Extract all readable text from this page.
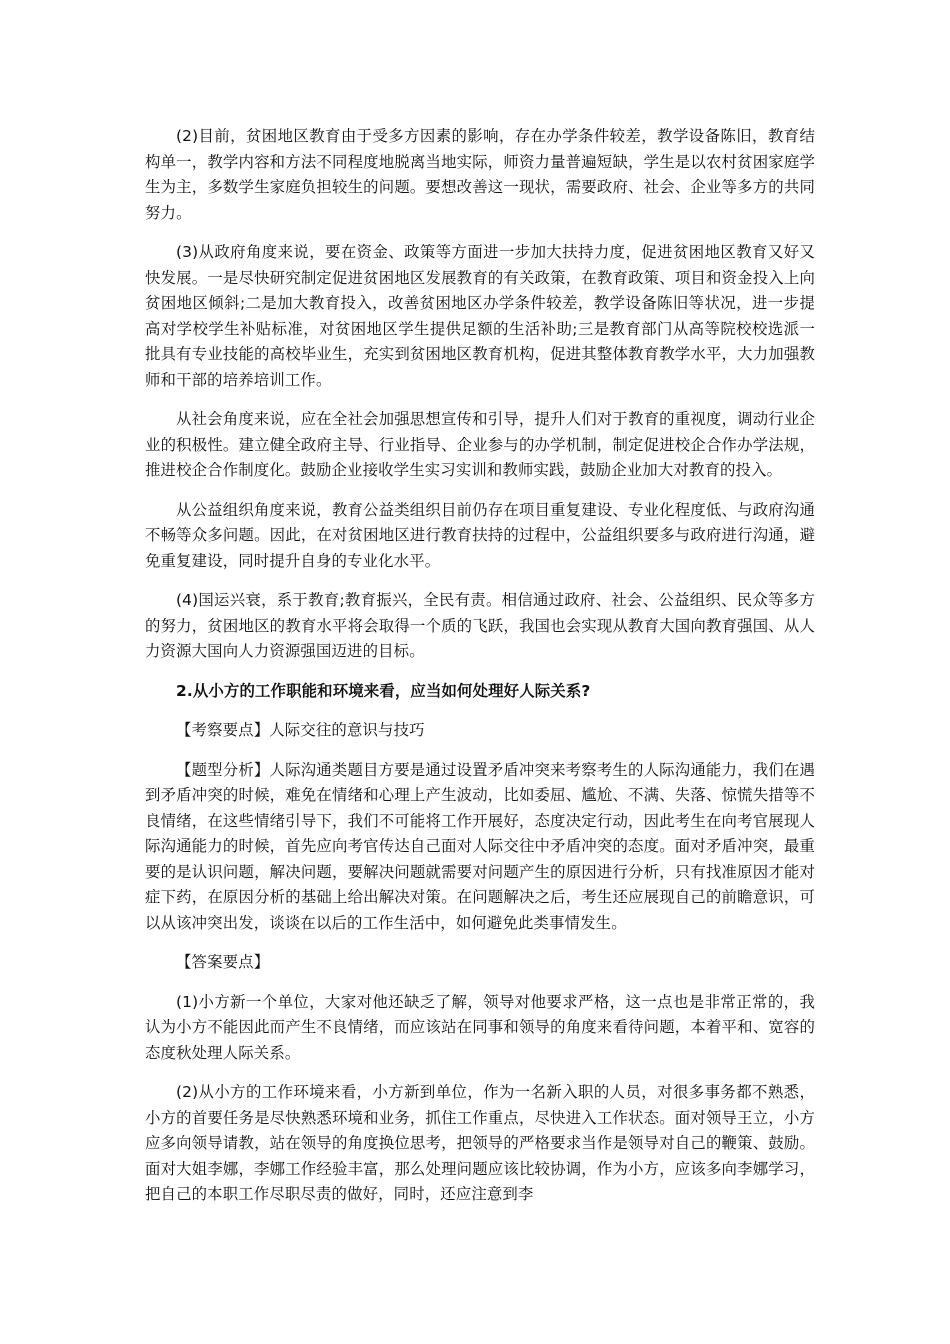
(2)目前，贫困地区教育由于受多方因素的影响，存在办学条件较差，教学设备陈旧，教育结构单一，教学内容和方法不同程度地脱离当地实际，师资力量普遍短缺，学生是以农村贫困家庭学生为主，多数学生家庭负担较生的问题。要想改善这一现状，需要政府、社会、企业等多方的共同努力。

(3)从政府角度来说，要在资金、政策等方面进一步加大扶持力度，促进贫困地区教育又好又快发展。一是尽快研究制定促进贫困地区发展教育的有关政策，在教育政策、项目和资金投入上向贫困地区倾斜;二是加大教育投入，改善贫困地区办学条件较差，教学设备陈旧等状况，进一步提高对学校学生补贴标准，对贫困地区学生提供足额的生活补助;三是教育部门从高等院校校选派一批具有专业技能的高校毕业生，充实到贫困地区教育机构，促进其整体教育教学水平，大力加强教师和干部的培养培训工作。

从社会角度来说，应在全社会加强思想宣传和引导，提升人们对于教育的重视度，调动行业企业的积极性。建立健全政府主导、行业指导、企业参与的办学机制，制定促进校企合作办学法规，推进校企合作制度化。鼓励企业接收学生实习实训和教师实践，鼓励企业加大对教育的投入。

从公益组织角度来说，教育公益类组织目前仍存在项目重复建设、专业化程度低、与政府沟通不畅等众多问题。因此，在对贫困地区进行教育扶持的过程中，公益组织要多与政府进行沟通，避免重复建设，同时提升自身的专业化水平。

(4)国运兴衰，系于教育;教育振兴，全民有责。相信通过政府、社会、公益组织、民众等多方的努力，贫困地区的教育水平将会取得一个质的飞跃，我国也会实现从教育大国向教育强国、从人力资源大国向人力资源强国迈进的目标。

2.从小方的工作职能和环境来看，应当如何处理好人际关系?

【考察要点】人际交往的意识与技巧

【题型分析】人际沟通类题目方要是通过设置矛盾冲突来考察考生的人际沟通能力，我们在遇到矛盾冲突的时候，难免在情绪和心理上产生波动，比如委屈、尴尬、不满、失落、惊慌失措等不良情绪，在这些情绪引导下，我们不可能将工作开展好，态度决定行动，因此考生在向考官展现人际沟通能力的时候，首先应向考官传达自己面对人际交往中矛盾冲突的态度。面对矛盾冲突，最重要的是认识问题，解决问题，要解决问题就需要对问题产生的原因进行分析，只有找准原因才能对症下药，在原因分析的基础上给出解决对策。在问题解决之后，考生还应展现自己的前瞻意识，可以从该冲突出发，谈谈在以后的工作生活中，如何避免此类事情发生。

【答案要点】

(1)小方新一个单位，大家对他还缺乏了解，领导对他要求严格，这一点也是非常正常的，我认为小方不能因此而产生不良情绪，而应该站在同事和领导的角度来看待问题，本着平和、宽容的态度秋处理人际关系。

(2)从小方的工作环境来看，小方新到单位，作为一名新入职的人员，对很多事务都不熟悉，小方的首要任务是尽快熟悉环境和业务，抓住工作重点，尽快进入工作状态。面对领导王立，小方应多向领导请教，站在领导的角度换位思考，把领导的严格要求当作是领导对自己的鞭策、鼓励。面对大姐李娜，李娜工作经验丰富，那么处理问题应该比较协调，作为小方，应该多向李娜学习，把自己的本职工作尽职尽责的做好，同时，还应注意到李
